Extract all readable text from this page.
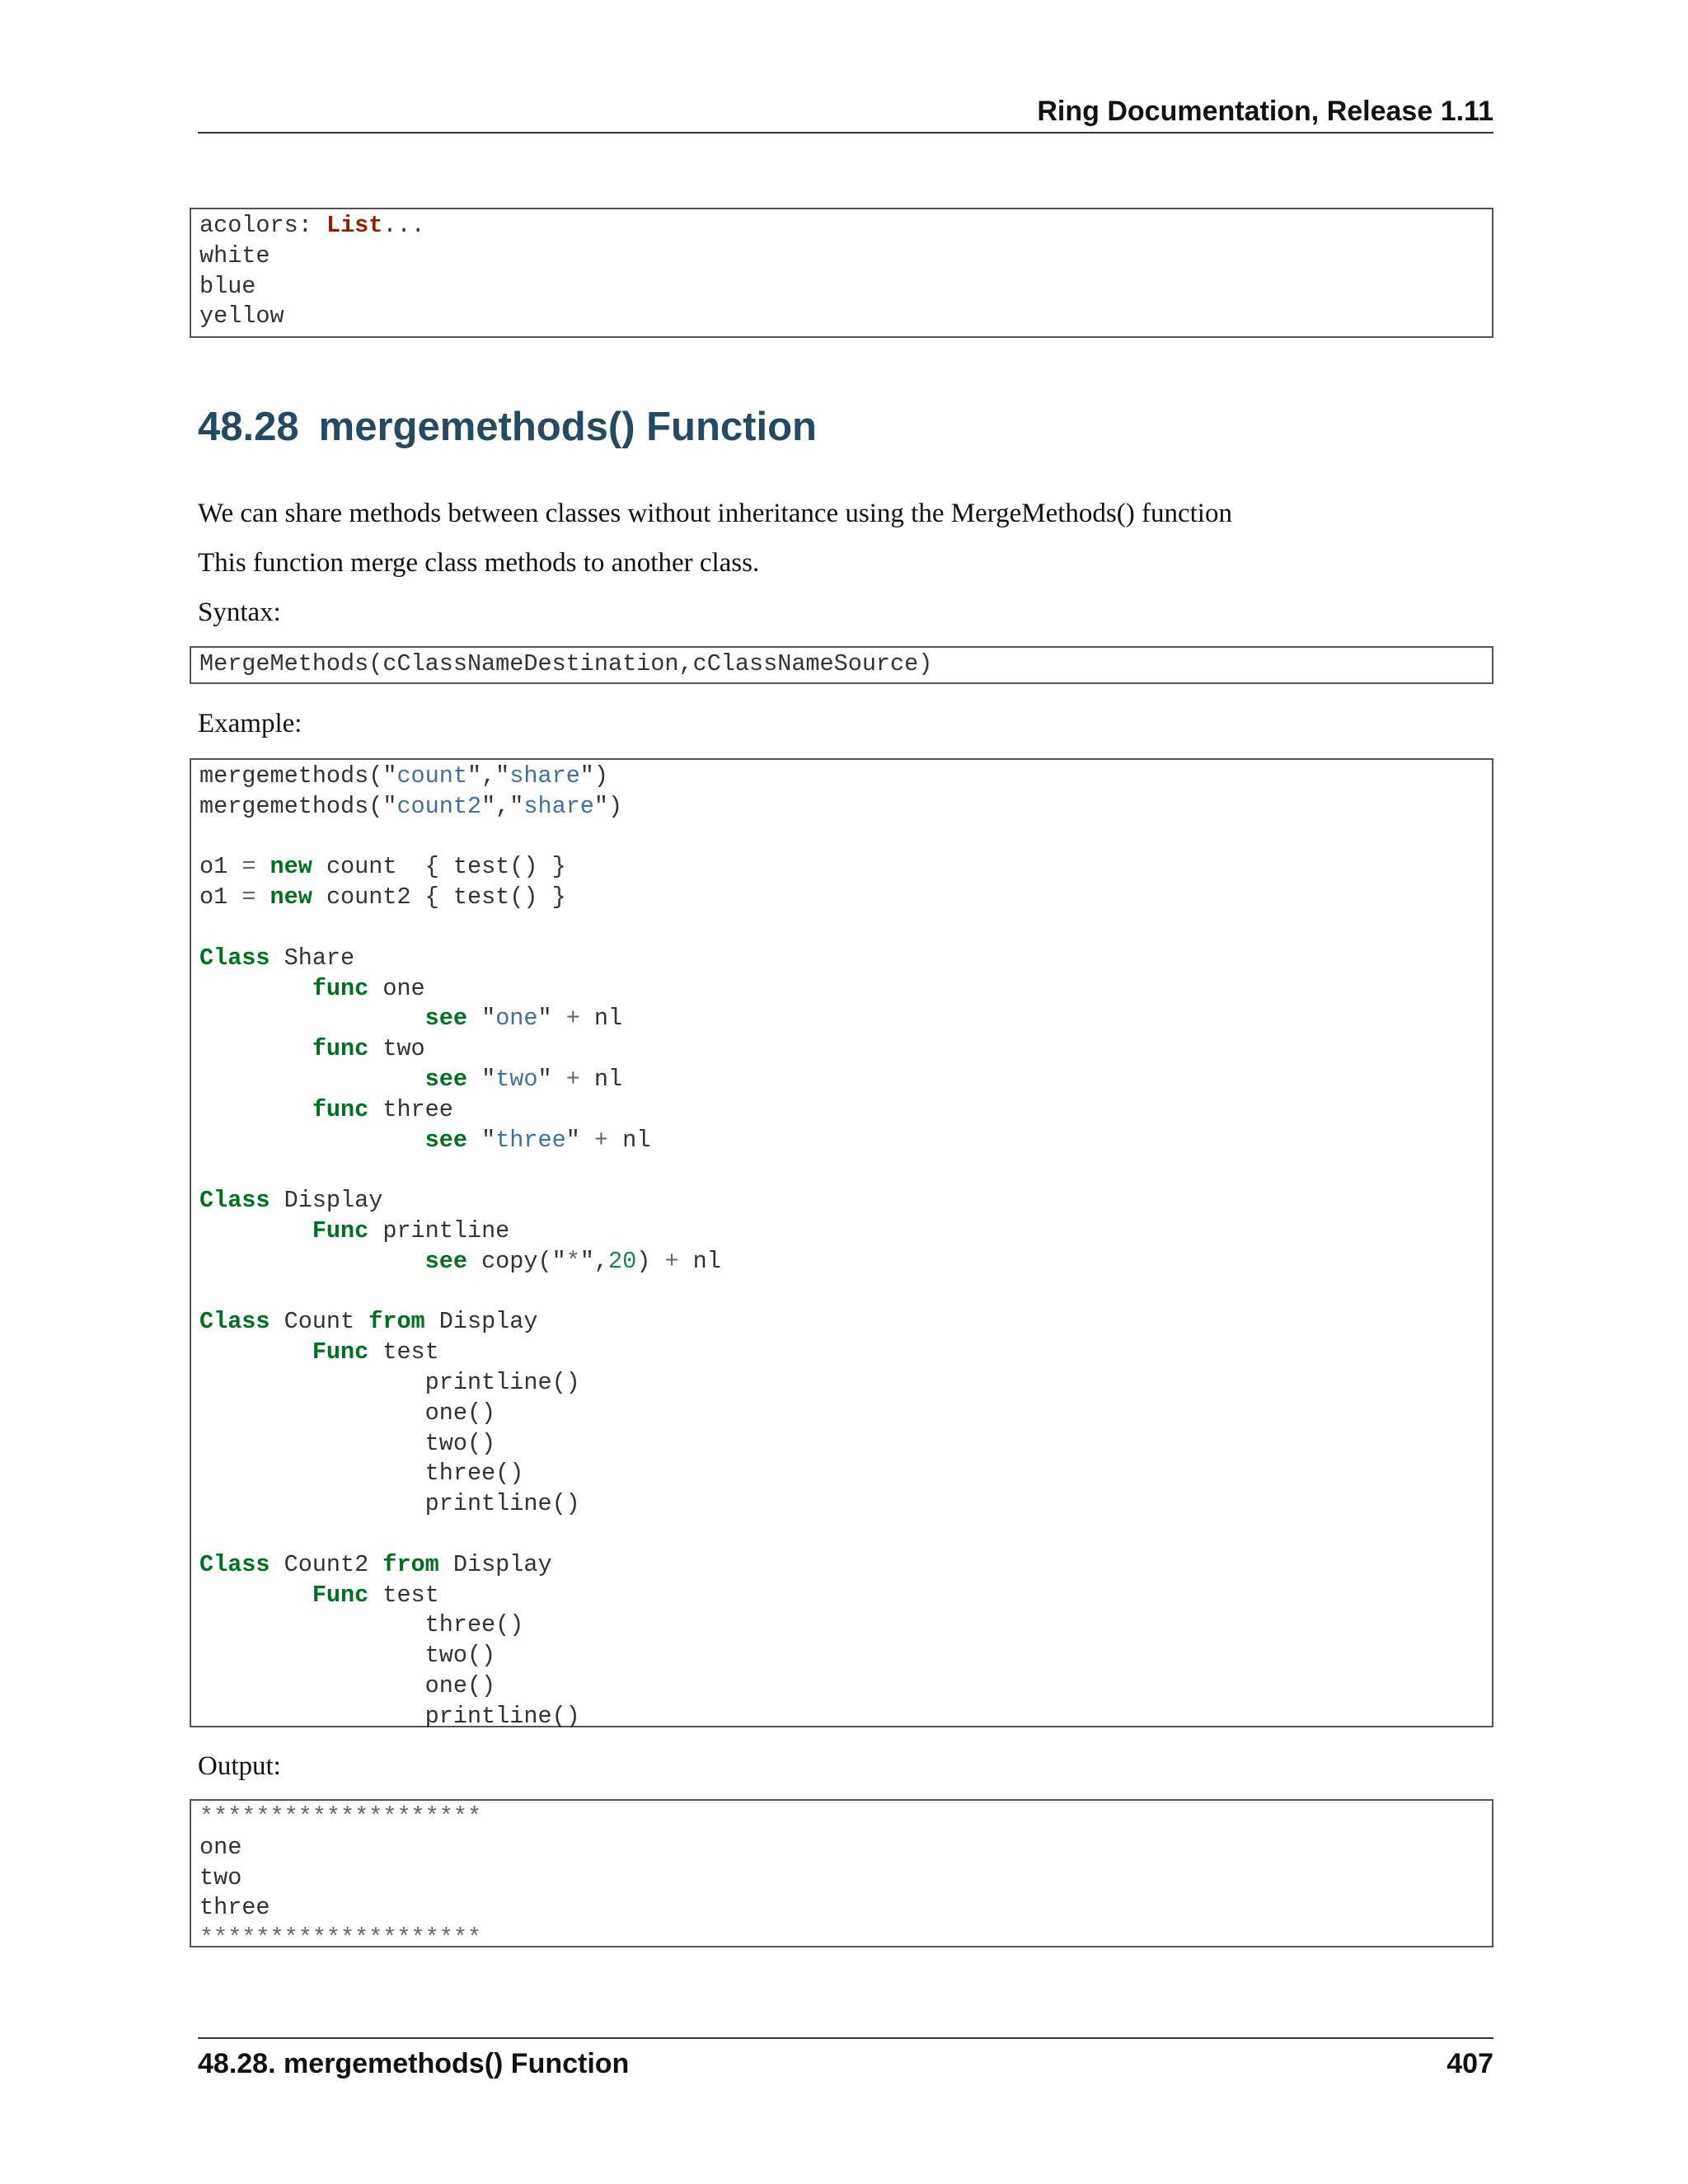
Ring Documentation, Release 1.11
acolors: List...
white
blue
yellow
48.28 mergemethods() Function

We can share methods between classes without inheritance using the MergeMethods() function

This function merge class methods to another class.

Syntax:

MergeMethods(cClassNameDestination,cClassNameSource)

Example:

mergemethods("count","share")
mergemethods("count2","share")
o1 = new count  { test() }
o1 = new count2 { test() }
Class Share
func one
see "one" + nl
func two
see "two" + nl
func three
see "three" + nl
Class Display
Func printline
see copy("*",20) + nl
Class Count from Display
Func test
printline()
one()
two()
three()
printline()
Class Count2 from Display
Func test
three()
two()
one()
printline()

Output:

********************
one
two
three
********************
48.28. mergemethods() Function	407
